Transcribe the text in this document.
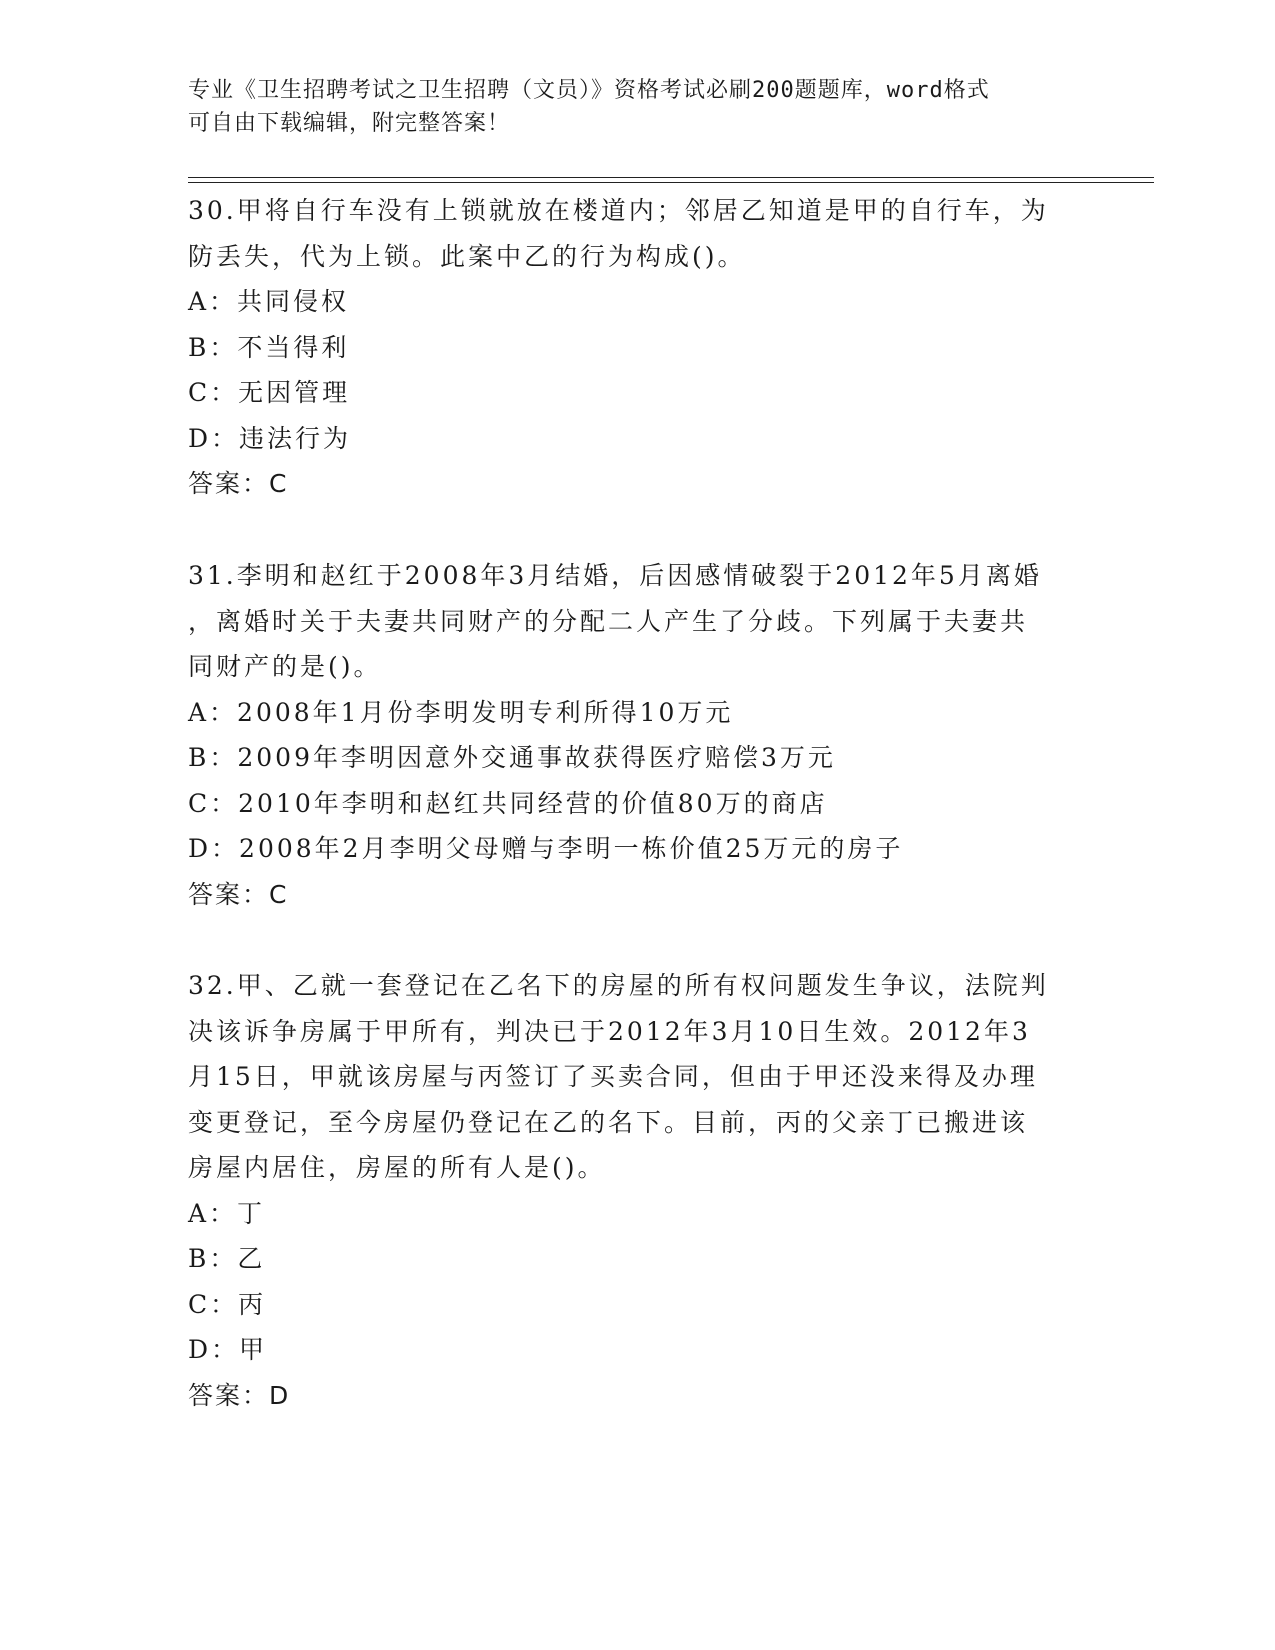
专业《卫生招聘考试之卫生招聘（文员）》资格考试必刷200题题库，word格式

可自由下载编辑，附完整答案！

30.甲将自行车没有上锁就放在楼道内；邻居乙知道是甲的自行车，为
防丢失，代为上锁。此案中乙的行为构成()。
A：共同侵权
B：不当得利
C：无因管理
D：违法行为
答案：C
31.李明和赵红于2008年3月结婚，后因感情破裂于2012年5月离婚
，离婚时关于夫妻共同财产的分配二人产生了分歧。下列属于夫妻共
同财产的是()。
A：2008年1月份李明发明专利所得10万元
B：2009年李明因意外交通事故获得医疗赔偿3万元
C：2010年李明和赵红共同经营的价值80万的商店
D：2008年2月李明父母赠与李明一栋价值25万元的房子
答案：C
32.甲、乙就一套登记在乙名下的房屋的所有权问题发生争议，法院判
决该诉争房属于甲所有，判决已于2012年3月10日生效。2012年3
月15日，甲就该房屋与丙签订了买卖合同，但由于甲还没来得及办理
变更登记，至今房屋仍登记在乙的名下。目前，丙的父亲丁已搬进该
房屋内居住，房屋的所有人是()。
A：丁
B：乙
C：丙
D：甲
答案：D
